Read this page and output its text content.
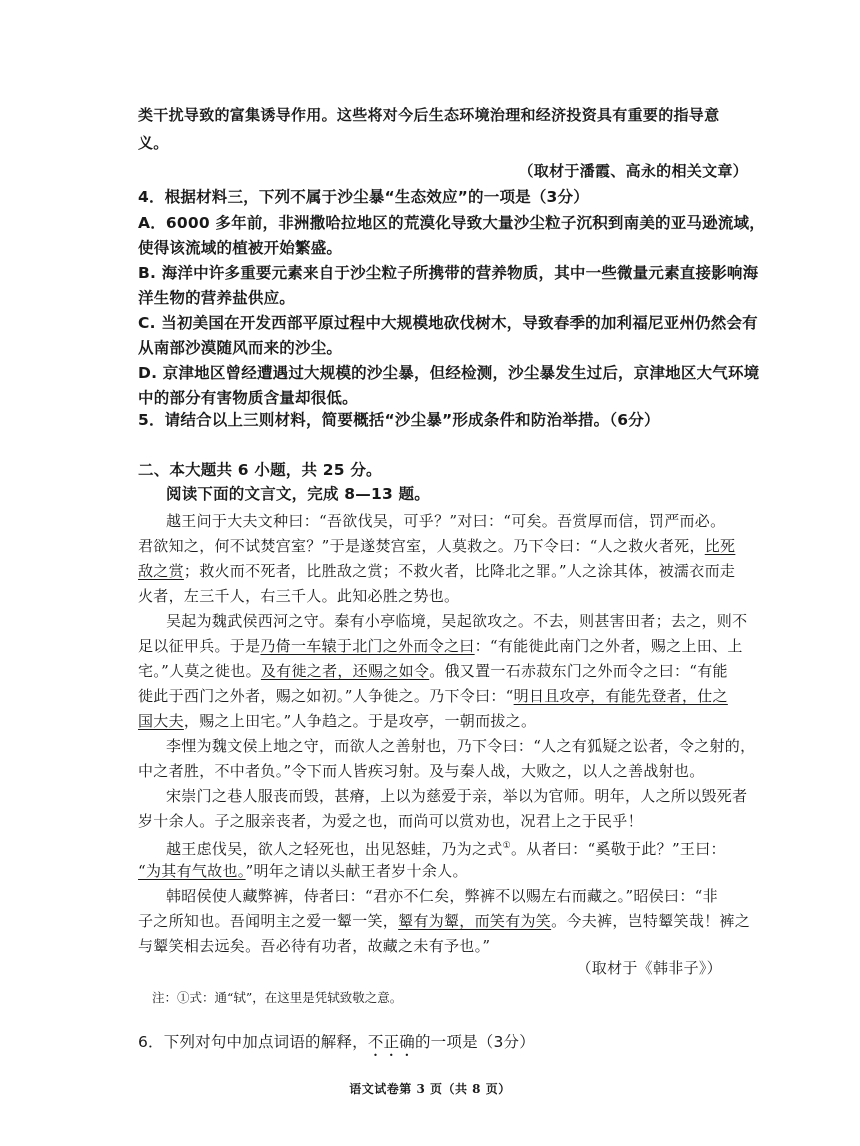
类干扰导致的富集诱导作用。这些将对今后生态环境治理和经济投资具有重要的指导意

义。

（取材于潘霞、高永的相关文章）

4．根据材料三，下列不属于沙尘暴“生态效应”的一项是（3分）

A．6000 多年前，非洲撒哈拉地区的荒漠化导致大量沙尘粒子沉积到南美的亚马逊流域，

使得该流域的植被开始繁盛。

B. 海洋中许多重要元素来自于沙尘粒子所携带的营养物质，其中一些微量元素直接影响海

洋生物的营养盐供应。

C. 当初美国在开发西部平原过程中大规模地砍伐树木，导致春季的加利福尼亚州仍然会有

从南部沙漠随风而来的沙尘。

D. 京津地区曾经遭遇过大规模的沙尘暴，但经检测，沙尘暴发生过后，京津地区大气环境

中的部分有害物质含量却很低。

5．请结合以上三则材料，简要概括“沙尘暴”形成条件和防治举措。（6分）

二、本大题共 6 小题，共 25 分。

阅读下面的文言文，完成 8—13 题。

越王问于大夫文种曰：“吾欲伐吴，可乎？”对曰：“可矣。吾赏厚而信，罚严而必。

君欲知之，何不试焚宫室？”于是遂焚宫室，人莫救之。乃下令曰：“人之救火者死，比死

敌之赏；救火而不死者，比胜敌之赏；不救火者，比降北之罪。”人之涂其体，被濡衣而走

火者，左三千人，右三千人。此知必胜之势也。

吴起为魏武侯西河之守。秦有小亭临境，吴起欲攻之。不去，则甚害田者；去之，则不

足以征甲兵。于是乃倚一车辕于北门之外而令之曰：“有能徙此南门之外者，赐之上田、上

宅。”人莫之徙也。及有徙之者，还赐之如令。俄又置一石赤菽东门之外而令之曰：“有能

徙此于西门之外者，赐之如初。”人争徙之。乃下令曰：“明日且攻亭，有能先登者，仕之

国大夫，赐之上田宅。”人争趋之。于是攻亭，一朝而拔之。

李悝为魏文侯上地之守，而欲人之善射也，乃下令曰：“人之有狐疑之讼者，令之射的，

中之者胜，不中者负。”令下而人皆疾习射。及与秦人战，大败之，以人之善战射也。

宋崇门之巷人服丧而毁，甚瘠，上以为慈爱于亲，举以为官师。明年，人之所以毁死者

岁十余人。子之服亲丧者，为爱之也，而尚可以赏劝也，况君上之于民乎！

越王虑伐吴，欲人之轻死也，出见怒蛙，乃为之式①。从者曰：“奚敬于此？”王曰：

“为其有气故也。”明年之请以头献王者岁十余人。

韩昭侯使人藏弊裤，侍者曰：“君亦不仁矣，弊裤不以赐左右而藏之。”昭侯曰：“非

子之所知也。吾闻明主之爱一颦一笑，颦有为颦，而笑有为笑。今夫裤，岂特颦笑哉！裤之

与颦笑相去远矣。吾必待有功者，故藏之未有予也。”

（取材于《韩非子》）

注：①式：通“轼”，在这里是凭轼致敬之意。

6．下列对句中加点词语的解释，不正确的一项是（3分）

语文试卷第 3 页（共 8 页）
